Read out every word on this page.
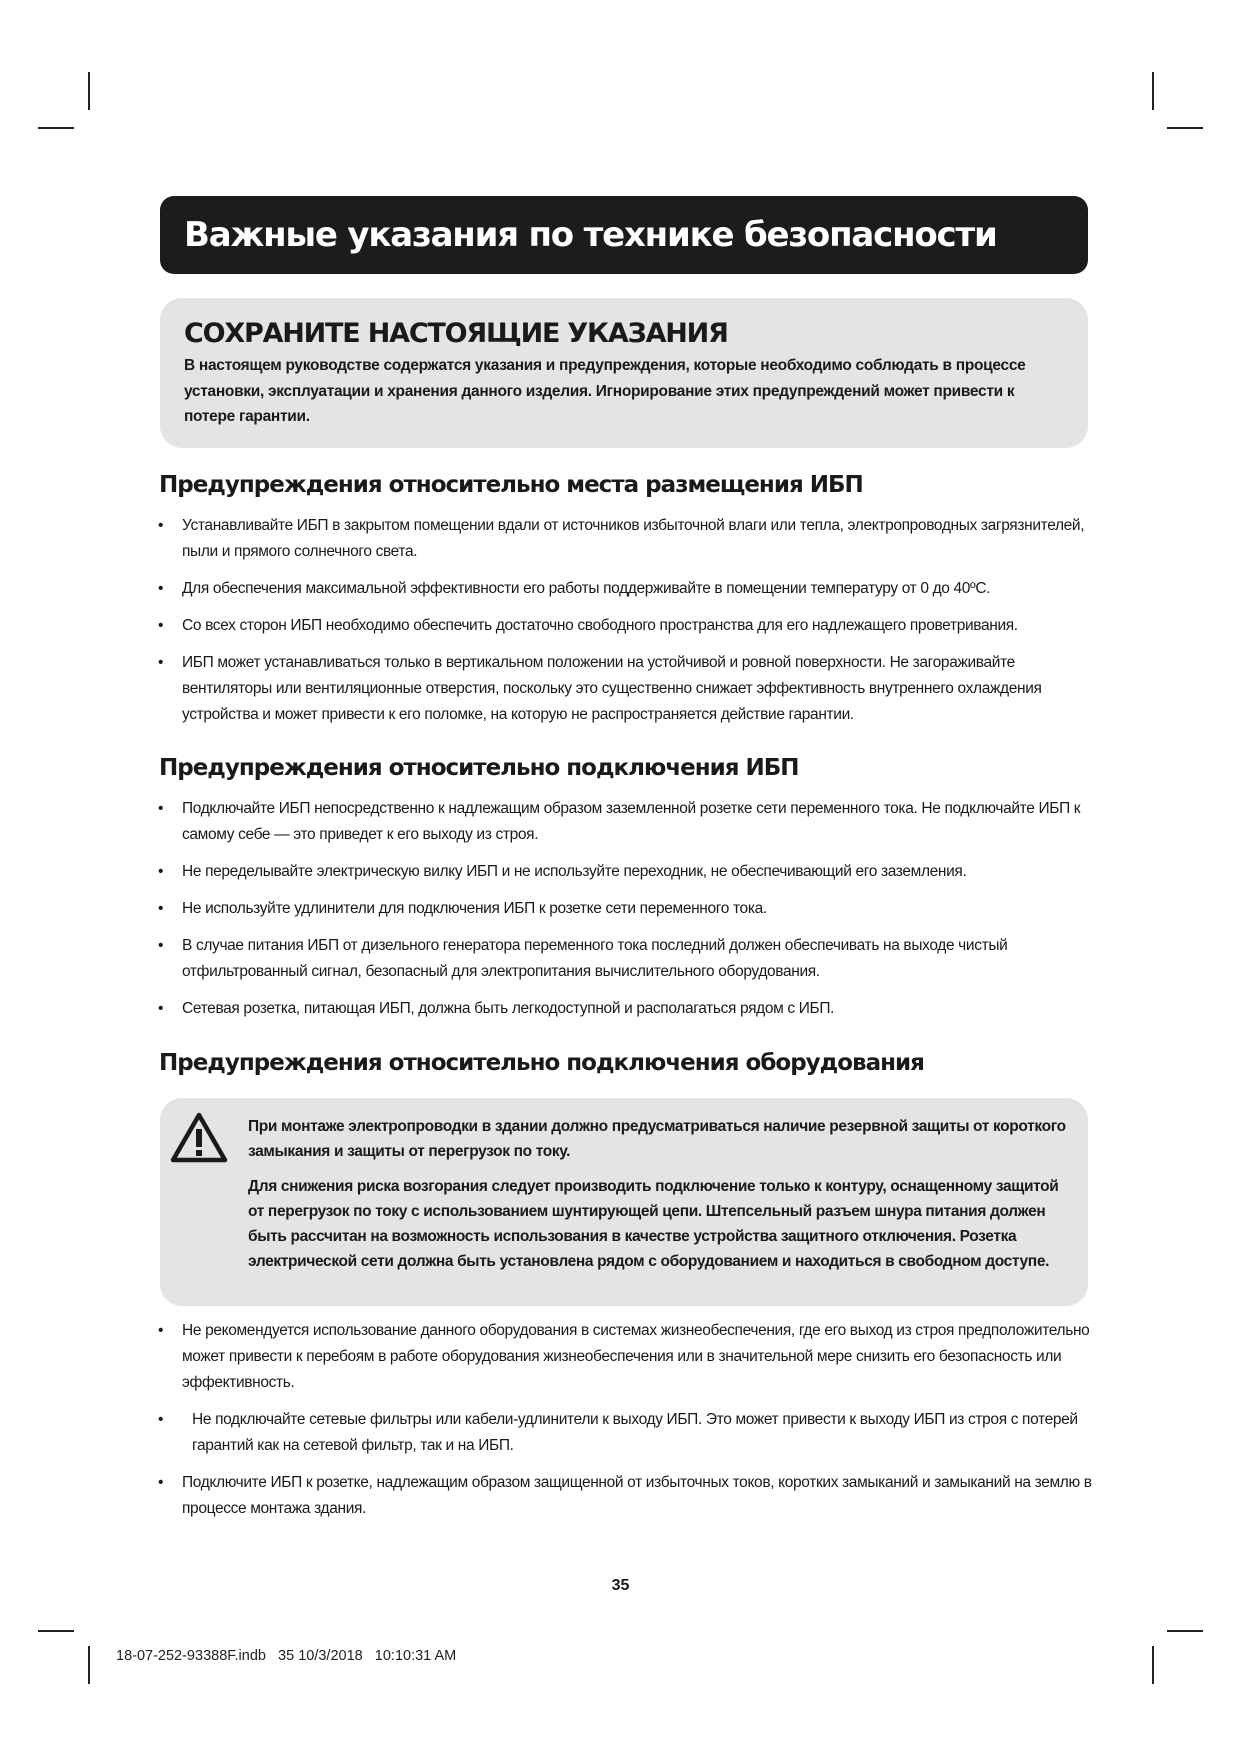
Важные указания по технике безопасности
СОХРАНИТЕ НАСТОЯЩИЕ УКАЗАНИЯ

В настоящем руководстве содержатся указания и предупреждения, которые необходимо соблюдать в процессе установки, эксплуатации и хранения данного изделия. Игнорирование этих предупреждений может привести к потере гарантии.

Предупреждения относительно места размещения ИБП
• Устанавливайте ИБП в закрытом помещении вдали от источников избыточной влаги или тепла, электропроводных загрязнителей, пыли и прямого солнечного света.
• Для обеспечения максимальной эффективности его работы поддерживайте в помещении температуру от 0 до 40ºC.
• Со всех сторон ИБП необходимо обеспечить достаточно свободного пространства для его надлежащего проветривания.
• ИБП может устанавливаться только в вертикальном положении на устойчивой и ровной поверхности. Не загораживайте вентиляторы или вентиляционные отверстия, поскольку это существенно снижает эффективность внутреннего охлаждения устройства и может привести к его поломке, на которую не распространяется действие гарантии.
Предупреждения относительно подключения ИБП
• Подключайте ИБП непосредственно к надлежащим образом заземленной розетке сети переменного тока. Не подключайте ИБП к самому себе — это приведет к его выходу из строя.
• Не переделывайте электрическую вилку ИБП и не используйте переходник, не обеспечивающий его заземления.
• Не используйте удлинители для подключения ИБП к розетке сети переменного тока.
• В случае питания ИБП от дизельного генератора переменного тока последний должен обеспечивать на выходе чистый отфильтрованный сигнал, безопасный для электропитания вычислительного оборудования.
• Сетевая розетка, питающая ИБП, должна быть легкодоступной и располагаться рядом с ИБП.
Предупреждения относительно подключения оборудования

При монтаже электропроводки в здании должно предусматриваться наличие резервной защиты от короткого замыкания и защиты от перегрузок по току.

Для снижения риска возгорания следует производить подключение только к контуру, оснащенному защитой от перегрузок по току с использованием шунтирующей цепи. Штепсельный разъем шнура питания должен быть рассчитан на возможность использования в качестве устройства защитного отключения. Розетка электрической сети должна быть установлена рядом с оборудованием и находиться в свободном доступе.

• Не рекомендуется использование данного оборудования в системах жизнеобеспечения, где его выход из строя предположительно может привести к перебоям в работе оборудования жизнеобеспечения или в значительной мере снизить его безопасность или эффективность.
• Не подключайте сетевые фильтры или кабели-удлинители к выходу ИБП. Это может привести к выходу ИБП из строя с потерей гарантий как на сетевой фильтр, так и на ИБП.
• Подключите ИБП к розетке, надлежащим образом защищенной от избыточных токов, коротких замыканий и замыканий на землю в процессе монтажа здания.
35
18-07-252-93388F.indb   35 10/3/2018   10:10:31 AM
